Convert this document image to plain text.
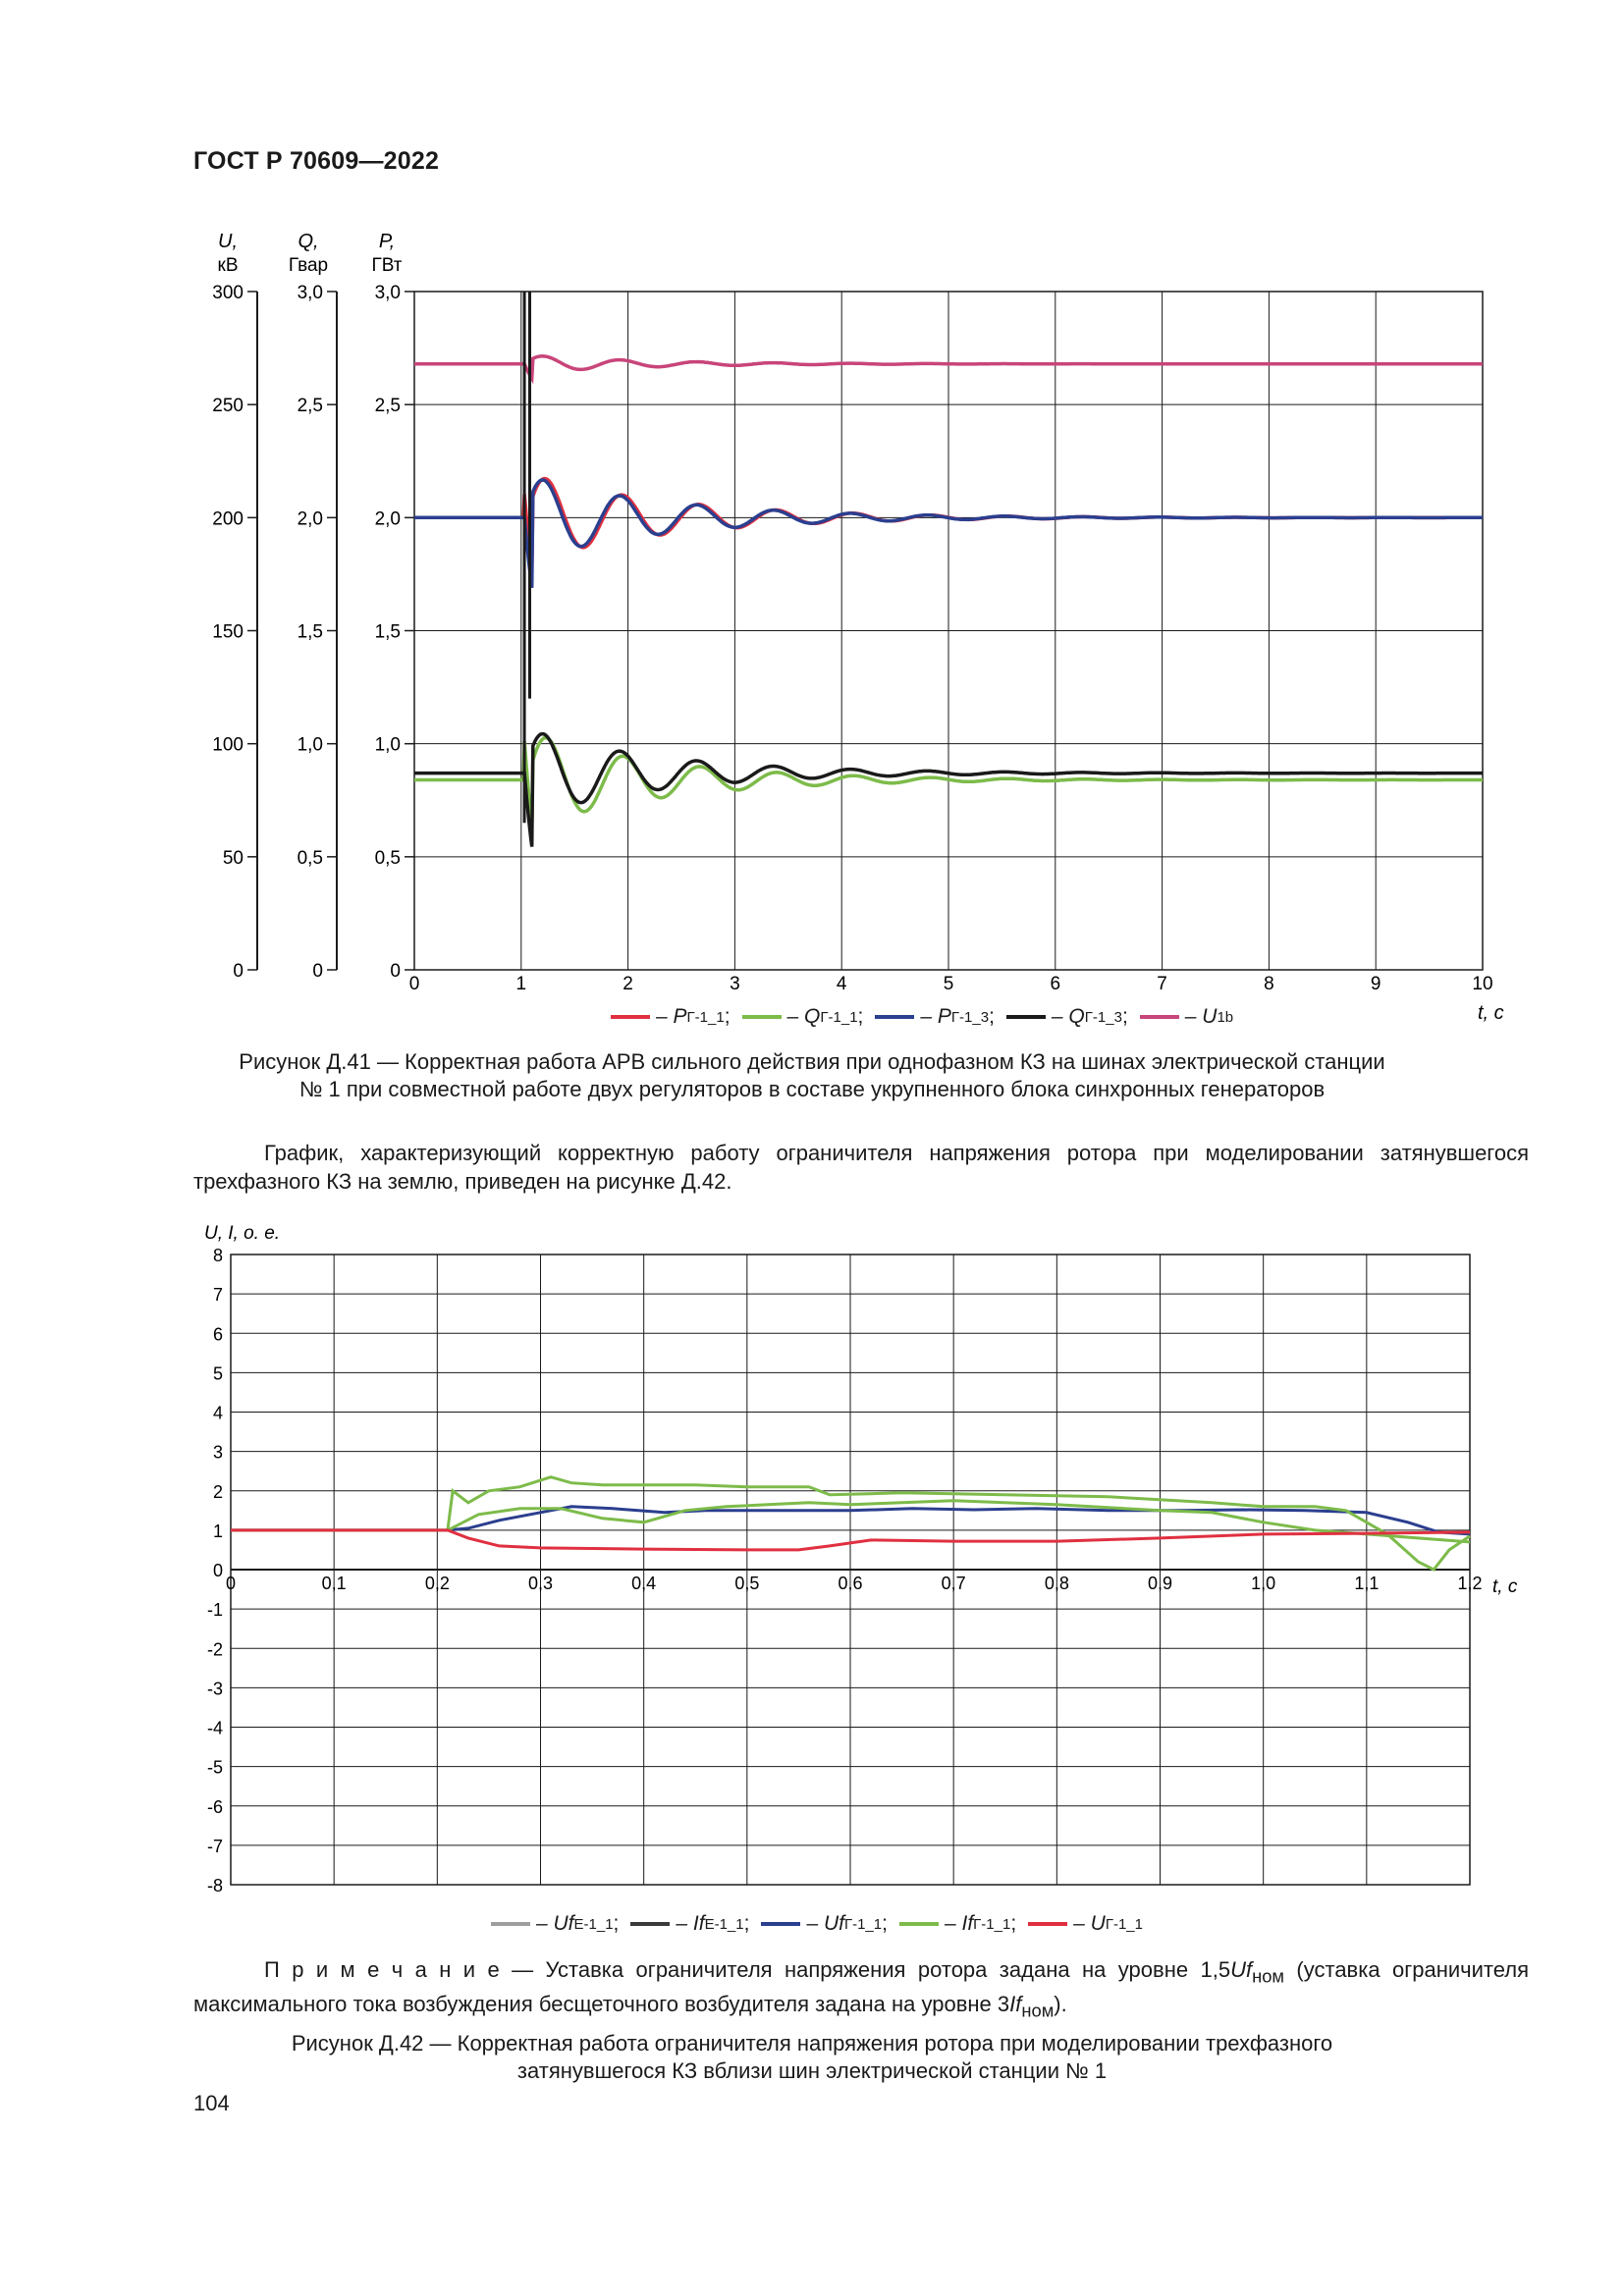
ГОСТ Р 70609—2022
U,
кВ
Q,
Гвар
P,
ГВт
0	1	2	3	4	5	6	7	8	9	10
0
50
100
150
200
250
300
0
0,5
1,0
1,5
2,0
2,5
3,0
0
0,5
1,0
1,5
2,0
2,5
3,0
t, c
– P Г-1_1 ;	– Q Г-1_1 ;	– P Г-1_3 ;	– Q Г-1_3 ;	– U 1b
Рисунок Д.41 — Корректная работа АРВ сильного действия при однофазном КЗ на шинах электрической станции
№ 1 при совместной работе двух регуляторов в составе укрупненного блока синхронных генераторов
График, характеризующий корректную работу ограничителя напряжения ротора при моделировании затянувшегося трехфазного КЗ на землю, приведен на рисунке Д.42.
U, I, о. е.
0	0,1	0,2	0,3	0,4	0,5	0,6	0,7	0,8	0,9	1,0	1,1	1,2
-8
-7
-6
-5
-4
-3
-2
-1
0
1
2
3
4
5
6
7
8
t, c
– Uf Е-1_1 ;	– If Е-1_1 ;	– Uf Г-1_1 ;	– If Г-1_1 ;	– U Г-1_1
П р и м е ч а н и е — Уставка ограничителя напряжения ротора задана на уровне $1,5Uf_{ном}$ (уставка ограничителя максимального тока возбуждения бесщеточного возбудителя задана на уровне $3If_{ном}$).
Рисунок Д.42 — Корректная работа ограничителя напряжения ротора при моделировании трехфазного
затянувшегося КЗ вблизи шин электрической станции № 1
104
